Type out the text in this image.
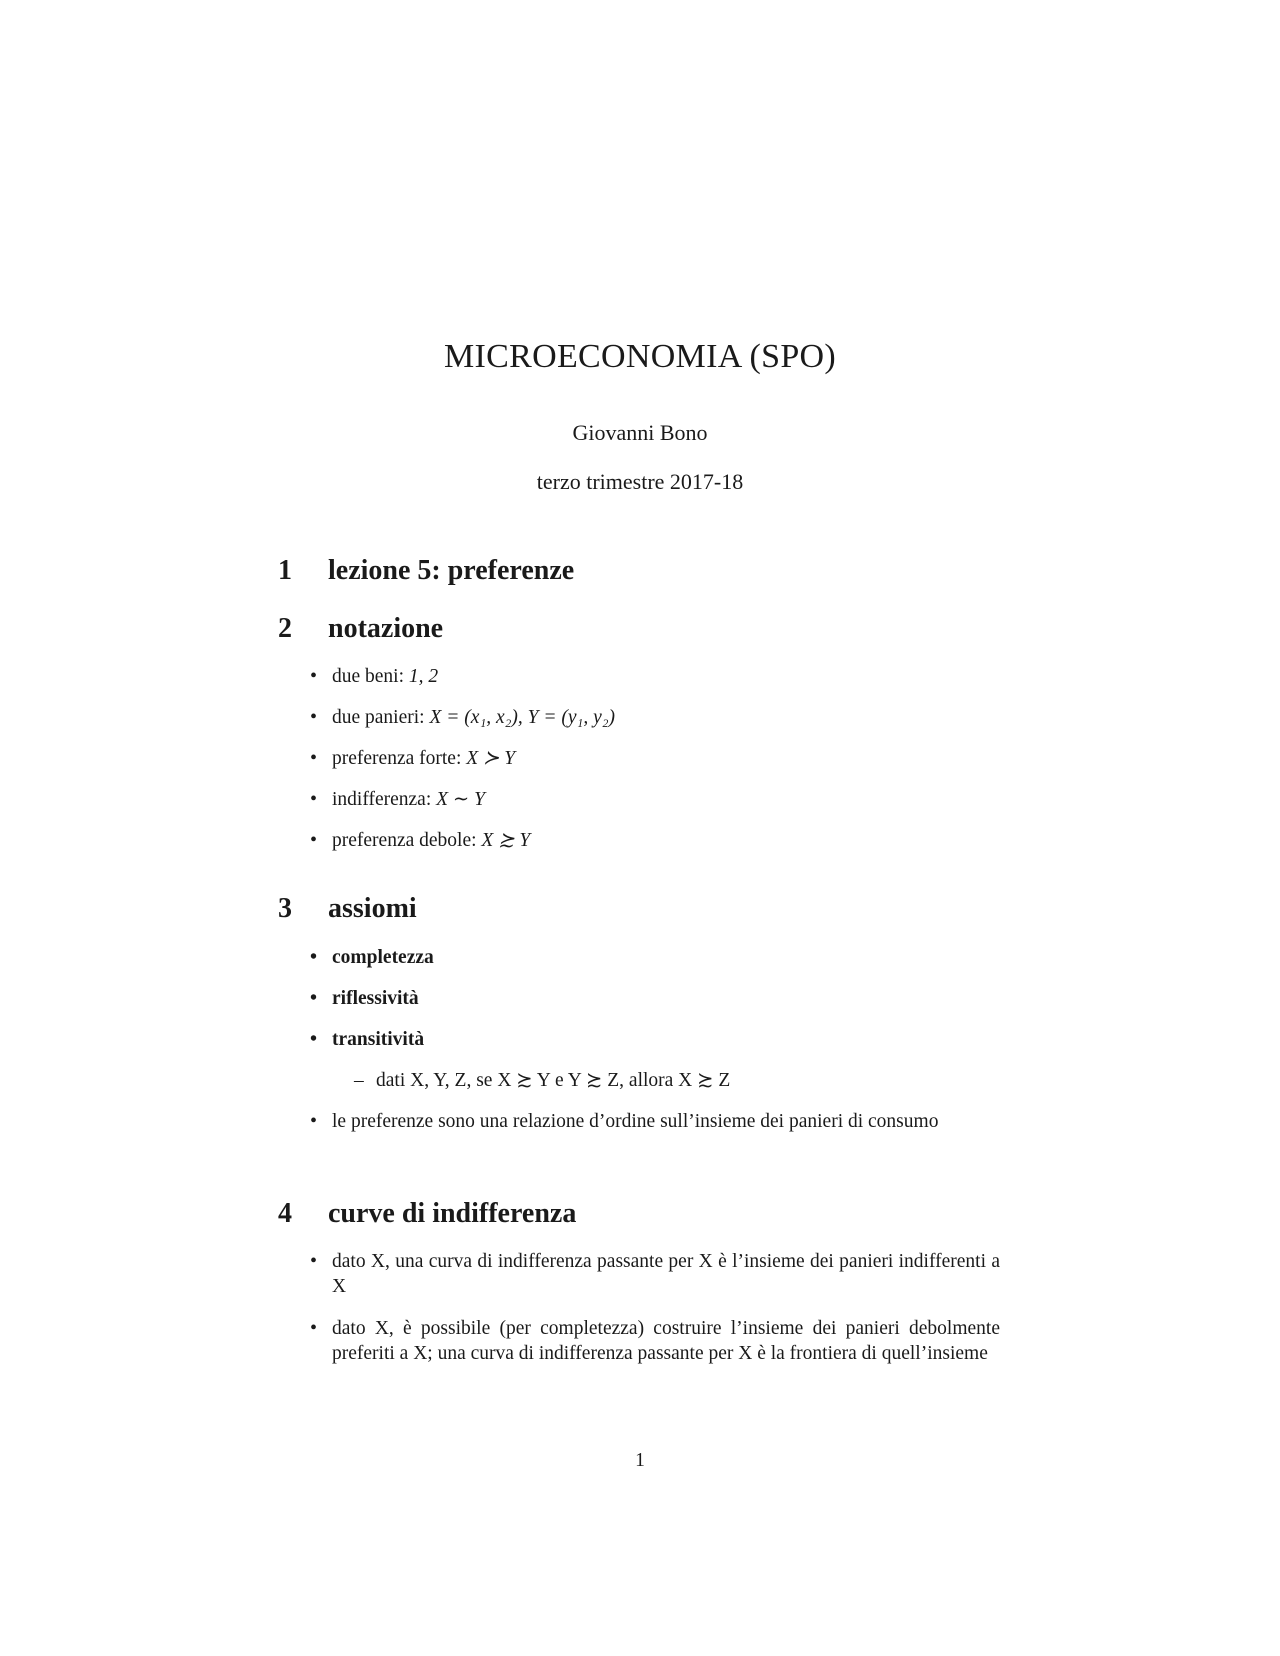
MICROECONOMIA (SPO)
Giovanni Bono
terzo trimestre 2017-18
1	lezione 5: preferenze
2	notazione
• due beni: 1, 2
• due panieri: X = (x₁, x₂), Y = (y₁, y₂)
• preferenza forte: X ≻ Y
• indifferenza: X ∼ Y
• preferenza debole: X ≿ Y
3	assiomi
• completezza
• riflessività
• transitività
– dati X, Y, Z, se X ≿ Y e Y ≿ Z, allora X ≿ Z
• le preferenze sono una relazione d’ordine sull’insieme dei panieri di consumo
4	curve di indifferenza
• dato X, una curva di indifferenza passante per X è l’insieme dei panieri indifferenti a X
• dato X, è possibile (per completezza) costruire l’insieme dei panieri debolmente preferiti a X; una curva di indifferenza passante per X è la frontiera di quell’insieme
1
